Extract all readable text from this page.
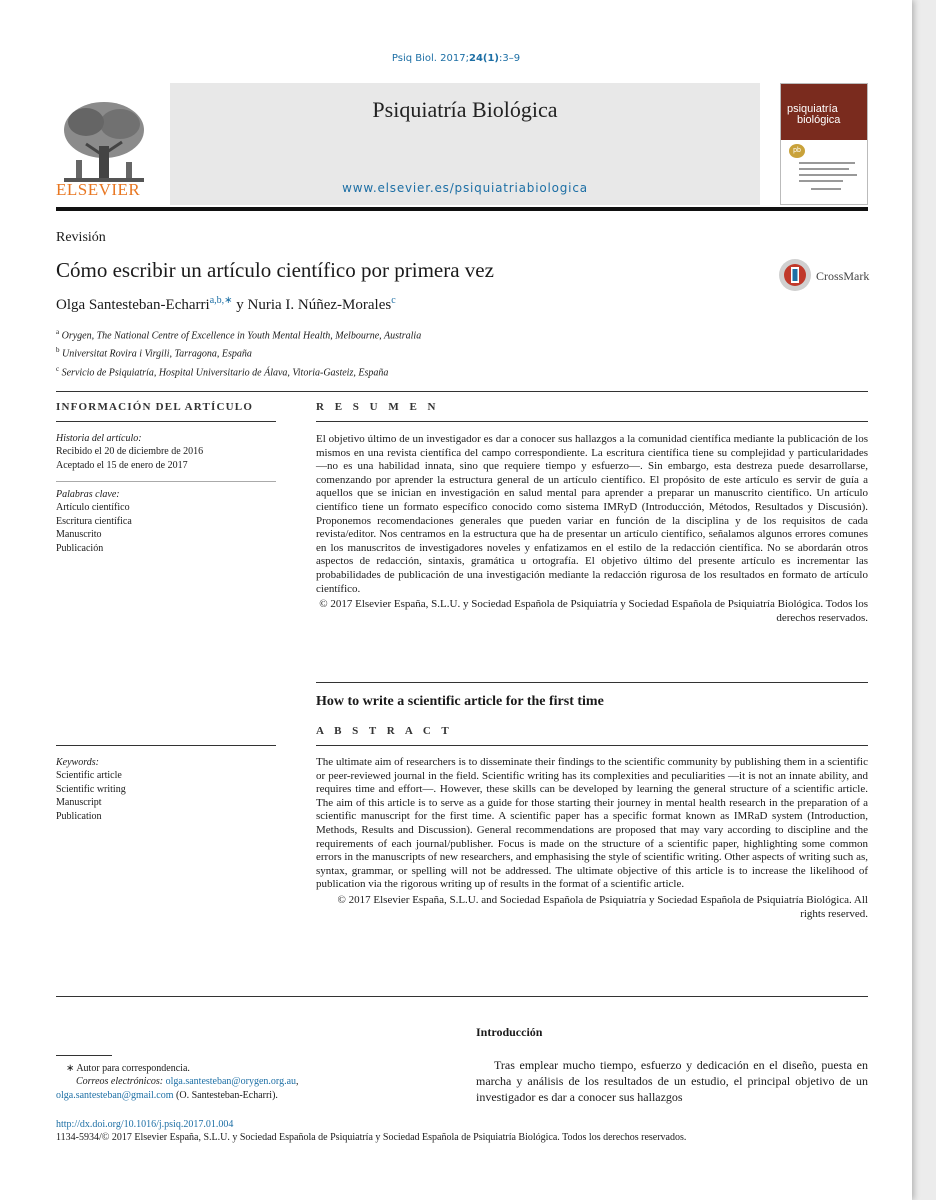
Psiq Biol. 2017;24(1):3–9
ELSEVIER
Psiquiatría Biológica
www.elsevier.es/psiquiatriabiologica
psiquiatría
biológica
pb
Revisión
Cómo escribir un artículo científico por primera vez	CrossMark
Olga Santesteban-Echarri$^{a,b,∗}$ y Nuria I. Núñez-Morales$^c$
$^a$ Orygen, The National Centre of Excellence in Youth Mental Health, Melbourne, Australia
$^b$ Universitat Rovira i Virgili, Tarragona, España
$^c$ Servicio de Psiquiatría, Hospital Universitario de Álava, Vitoria-Gasteiz, España
INFORMACIÓN DEL ARTÍCULO	R E S U M E N
Historia del artículo:
Recibido el 20 de diciembre de 2016
Aceptado el 15 de enero de 2017
Palabras clave:
Artículo científico
Escritura científica
Manuscrito
Publicación
El objetivo último de un investigador es dar a conocer sus hallazgos a la comunidad científica mediante la publicación de los mismos en una revista científica del campo correspondiente. La escritura científica tiene su complejidad y particularidades —no es una habilidad innata, sino que requiere tiempo y esfuerzo—. Sin embargo, esta destreza puede desarrollarse, comenzando por aprender la estructura general de un artículo científico. El propósito de este artículo es servir de guía a aquellos que se inician en investigación en salud mental para aprender a preparar un manuscrito científico. Un artículo científico tiene un formato específico conocido como sistema IMRyD (Introducción, Métodos, Resultados y Discusión). Proponemos recomendaciones generales que pueden variar en función de la disciplina y de los requisitos de cada revista/editor. Nos centramos en la estructura que ha de presentar un artículo científico, señalamos algunos errores comunes en los manuscritos de investigadores noveles y enfatizamos en el estilo de la redacción científica. No se abordarán otros aspectos de redacción, sintaxis, gramática u ortografía. El objetivo último del presente artículo es incrementar las probabilidades de publicación de una investigación mediante la redacción rigurosa de los resultados en formato de artículo científico.
© 2017 Elsevier España, S.L.U. y Sociedad Española de Psiquiatría y Sociedad Española de Psiquiatría Biológica. Todos los derechos reservados.
How to write a scientific article for the first time
A B S T R A C T
Keywords:
Scientific article
Scientific writing
Manuscript
Publication
The ultimate aim of researchers is to disseminate their findings to the scientific community by publishing them in a scientific or peer-reviewed journal in the field. Scientific writing has its complexities and peculiarities —it is not an innate ability, and requires time and effort—. However, these skills can be developed by learning the general structure of a scientific article. The aim of this article is to serve as a guide for those starting their journey in mental health research in the preparation of a scientific manuscript for the first time. A scientific paper has a specific format known as IMRaD system (Introduction, Methods, Results and Discussion). General recommendations are proposed that may vary according to discipline and the requirements of each journal/publisher. Focus is made on the structure of a scientific paper, highlighting some common errors in the manuscripts of new researchers, and emphasising the style of scientific writing. Other aspects of writing such as, syntax, grammar, or spelling will not be addressed. The ultimate objective of this article is to increase the likelihood of publication via the rigorous writing up of results in the format of a scientific article.
© 2017 Elsevier España, S.L.U. and Sociedad Española de Psiquiatría y Sociedad Española de Psiquiatría Biológica. All rights reserved.
Introducción
Tras emplear mucho tiempo, esfuerzo y dedicación en el diseño, puesta en marcha y análisis de los resultados de un estudio, el principal objetivo de un investigador es dar a conocer sus hallazgos
∗ Autor para correspondencia.
Correos electrónicos: olga.santesteban@orygen.org.au,
olga.santesteban@gmail.com (O. Santesteban-Echarri).
http://dx.doi.org/10.1016/j.psiq.2017.01.004
1134-5934/© 2017 Elsevier España, S.L.U. y Sociedad Española de Psiquiatría y Sociedad Española de Psiquiatría Biológica. Todos los derechos reservados.
